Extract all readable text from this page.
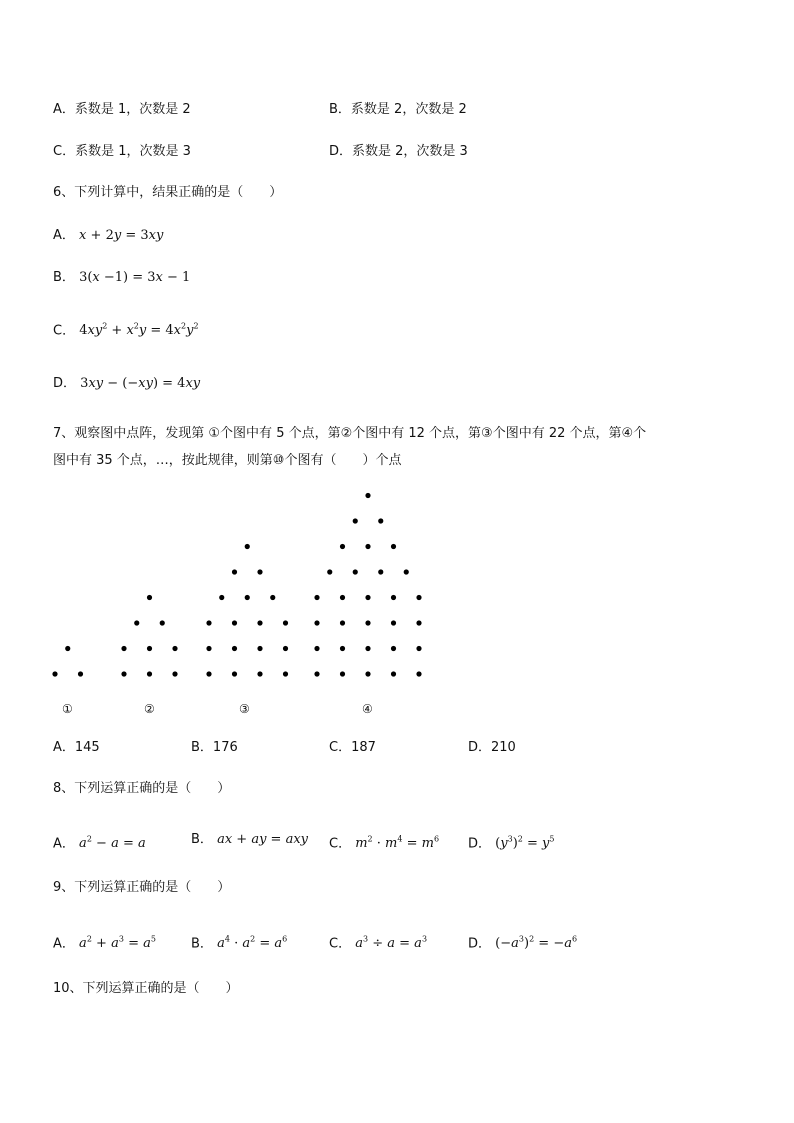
A．系数是 1，次数是 2	B．系数是 2，次数是 2
C．系数是 1，次数是 3	D．系数是 2，次数是 3
6、下列计算中，结果正确的是（　　）
A． x + 2y = 3xy
B． 3(x −1) = 3x − 1
C． $4xy^2 + x^2y = 4x^2y^2$
D． 3xy − (−xy) = 4xy
7、观察图中点阵，发现第 ①个图中有 5 个点，第②个图中有 12 个点，第③个图中有 22 个点，第④个
图中有 35 个点，…，按此规律，则第⑩个图有（　　）个点
①	②	③	④
A．145	B．176	C．187	D．210
8、下列运算正确的是（　　）
A． $a^2 - a = a$	B． ax + ay = axy C． $m^2 \cdot m^4 = m^6$ D． $(y^3)^2 = y^5$
9、下列运算正确的是（　　）
A． $a^2 + a^3 = a^5$	B． $a^4 \cdot a^2 = a^6$	C． $a^3 \div a = a^3$	D． $(-a^3)^2 = -a^6$
10、下列运算正确的是（　　）
